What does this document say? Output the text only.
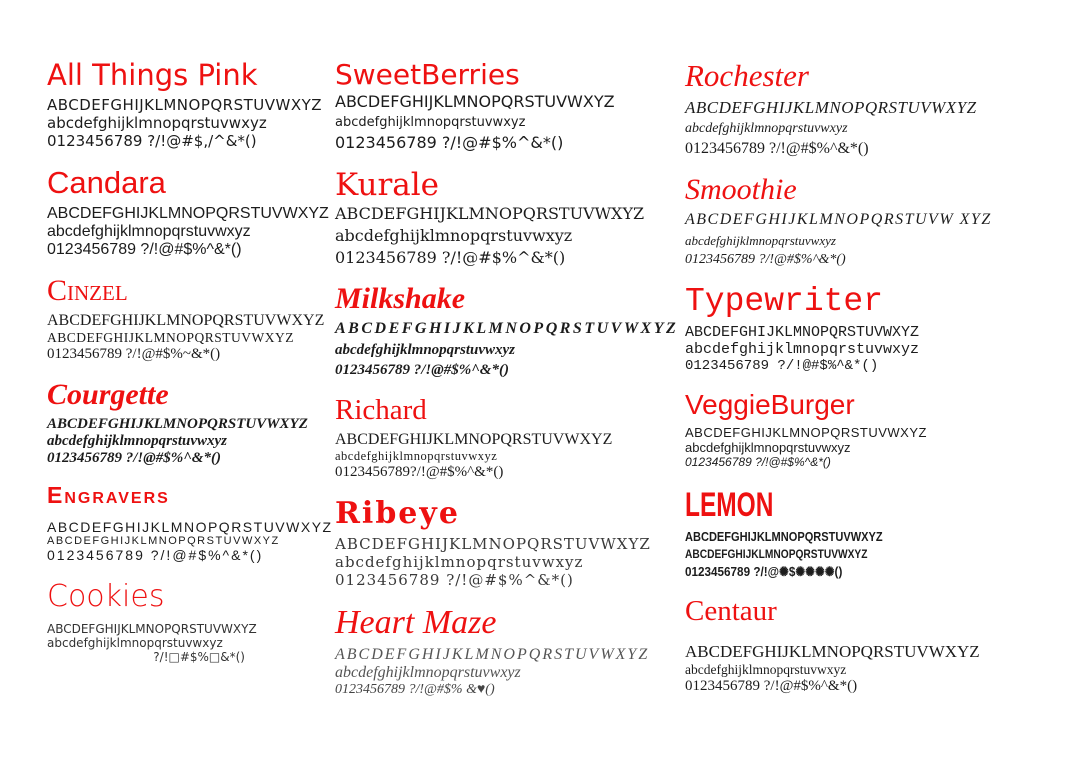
All Things Pink
ABCDEFGHIJKLMNOPQRSTUVWXYZ
abcdefghijklmnopqrstuvwxyz
0123456789 ?/!@#$,/^&*()
Candara
ABCDEFGHIJKLMNOPQRSTUVWXYZ
abcdefghijklmnopqrstuvwxyz
0123456789 ?/!@#$%^&*()
Cinzel
ABCDEFGHIJKLMNOPQRSTUVWXYZ
ABCDEFGHIJKLMNOPQRSTUVWXYZ
0123456789 ?/!@#$%~&*()
Courgette
ABCDEFGHIJKLMNOPQRSTUVWXYZ
abcdefghijklmnopqrstuvwxyz
0123456789 ?/!@#$%^&*()
Engravers
ABCDEFGHIJKLMNOPQRSTUVWXYZ
ABCDEFGHIJKLMNOPQRSTUVWXYZ
0123456789 ?/!@#$%^&*()
Cookies
ABCDEFGHIJKLMNOPQRSTUVWXYZ
abcdefghijklmnopqrstuvwxyz
?/!□#$%□&*()
SweetBerries
ABCDEFGHIJKLMNOPQRSTUVWXYZ
abcdefghijklmnopqrstuvwxyz
0123456789 ?/!@#$%^&*()
Kurale
ABCDEFGHIJKLMNOPQRSTUVWXYZ
abcdefghijklmnopqrstuvwxyz
0123456789 ?/!@#$%^&*()
Milkshake
ABCDEFGHIJKLMNOPQRSTUVWXYZ
abcdefghijklmnopqrstuvwxyz
0123456789 ?/!@#$%^&*()
Richard
ABCDEFGHIJKLMNOPQRSTUVWXYZ
abcdefghijklmnopqrstuvwxyz
0123456789?/!@#$%^&*()
Ribeye
ABCDEFGHIJKLMNOPQRSTUVWXYZ
abcdefghijklmnopqrstuvwxyz
0123456789 ?/!@#$%^&*()
Heart Maze
ABCDEFGHIJKLMNOPQRSTUVWXYZ
abcdefghijklmnopqrstuvwxyz
0123456789 ?/!@#$% &♥()
Rochester
ABCDEFGHIJKLMNOPQRSTUVWXYZ
abcdefghijklmnopqrstuvwxyz
0123456789 ?/!@#$%^&*()
Smoothie
ABCDEFGHIJKLMNOPQRSTUVW XYZ
abcdefghijklmnopqrstuvwxyz
0123456789 ?/!@#$%^&*()
Typewriter
ABCDEFGHIJKLMNOPQRSTUVWXYZ
abcdefghijklmnopqrstuvwxyz
0123456789 ?/!@#$%^&*()
VeggieBurger
ABCDEFGHIJKLMNOPQRSTUVWXYZ
abcdefghijklmnopqrstuvwxyz
0123456789 ?/!@#$%^&*()
LEMON
ABCDEFGHIJKLMNOPQRSTUVWXYZ
ABCDEFGHIJKLMNOPQRSTUVWXYZ
0123456789 ?/!@✺$✺✺✺✺()
Centaur
ABCDEFGHIJKLMNOPQRSTUVWXYZ
abcdefghijklmnopqrstuvwxyz
0123456789 ?/!@#$%^&*()
